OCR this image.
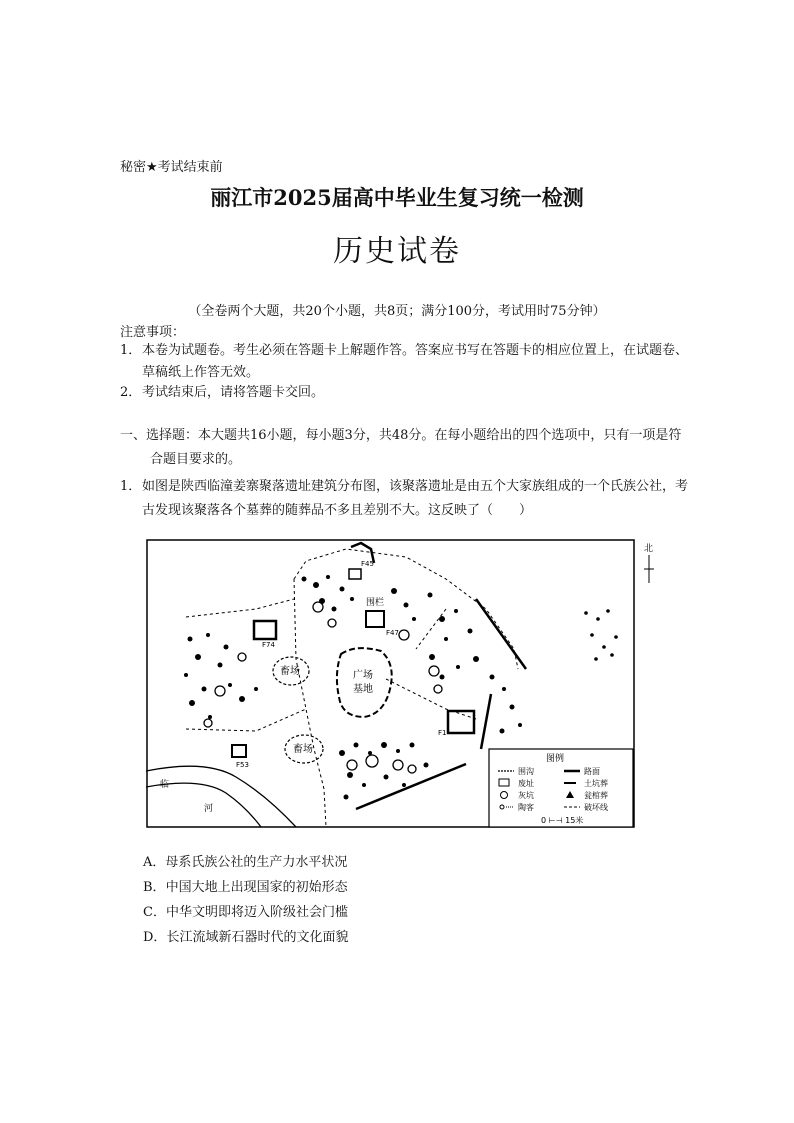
秘密★考试结束前
丽江市2025届高中毕业生复习统一检测
历史试卷
（全卷两个大题，共20个小题，共8页；满分100分，考试用时75分钟）
注意事项：
1． 本卷为试题卷。考生必须在答题卡上解题作答。答案应书写在答题卡的相应位置上，在试题卷、草稿纸上作答无效。
2． 考试结束后，请将答题卡交回。
一、选择题：本大题共16小题，每小题3分，共48分。在每小题给出的四个选项中，只有一项是符合题目要求的。
1． 如图是陕西临潼姜寨聚落遗址建筑分布图，该聚落遗址是由五个大家族组成的一个氏族公社，考古发现该聚落各个墓葬的随葬品不多且差别不大。这反映了（　　）
临
河
广场
基地
畜场
畜场
F74
F47
围栏
F45
F1
F53
北
图例
围沟	路面
废址	土坑葬
灰坑	瓮棺葬
陶客	破坏线
0 ⊢⊣ 15米
A．母系氏族公社的生产力水平状况
B．中国大地上出现国家的初始形态
C．中华文明即将迈入阶级社会门槛
D．长江流域新石器时代的文化面貌
